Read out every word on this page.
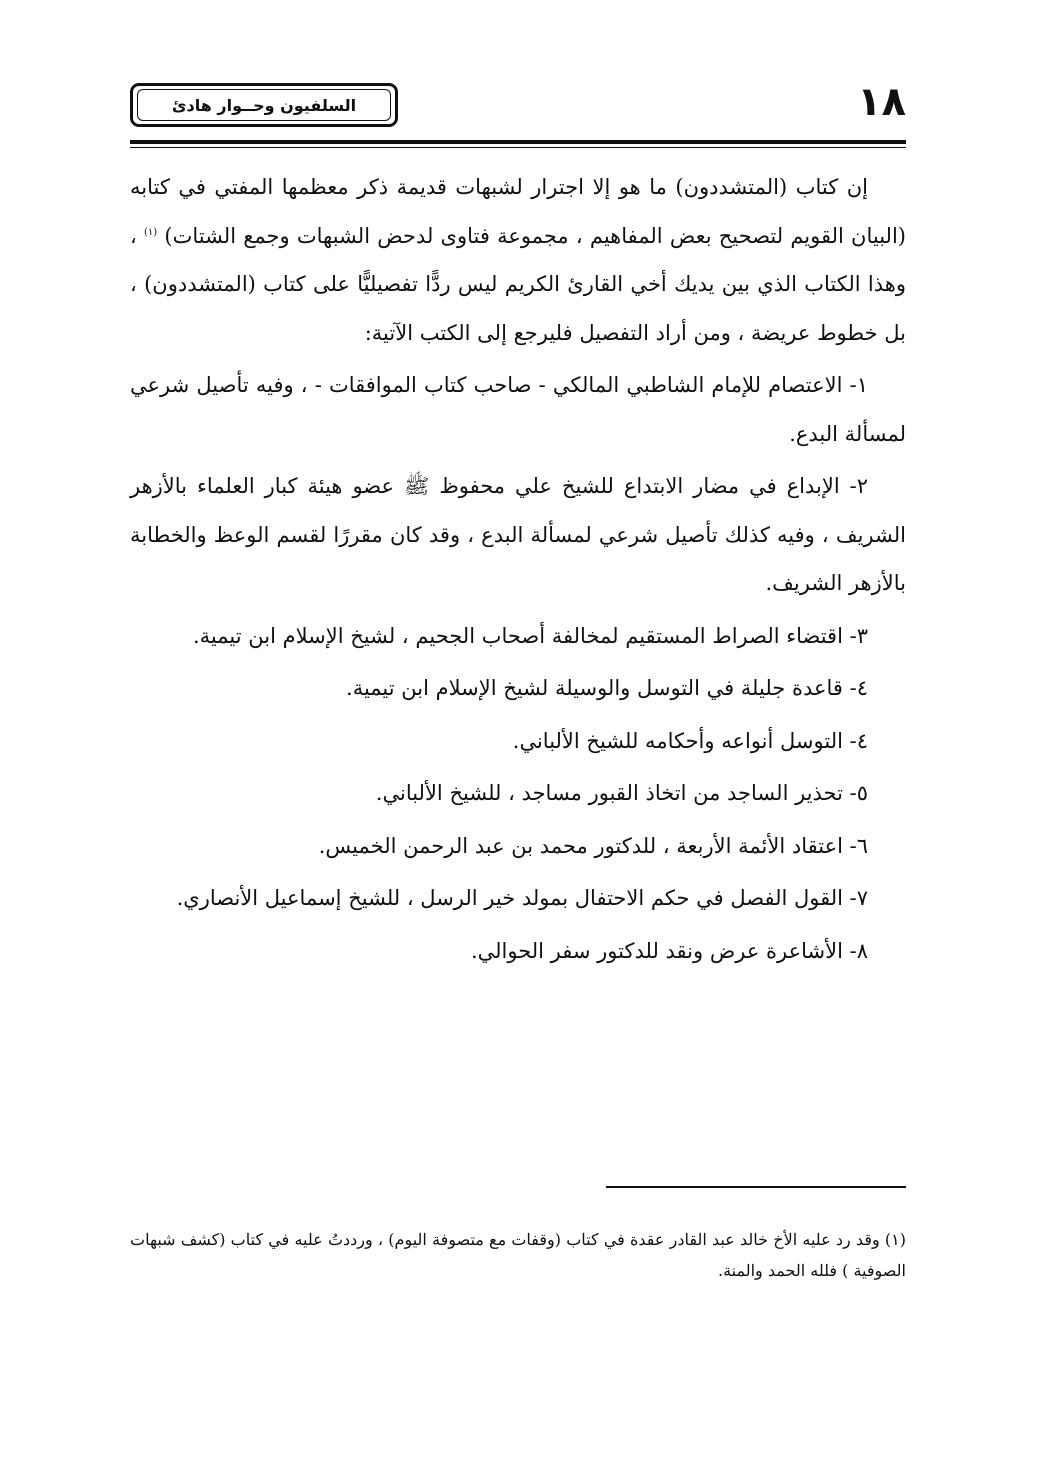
السلفيون وحــوار هادئ	١٨

إن كتاب (المتشددون) ما هو إلا اجترار لشبهات قديمة ذكر معظمها المفتي في كتابه (البيان القويم لتصحيح بعض المفاهيم ، مجموعة فتاوى لدحض الشبهات وجمع الشتات) $^{(١)}$ ، وهذا الكتاب الذي بين يديك أخي القارئ الكريم ليس ردًّا تفصيليًّا على كتاب (المتشددون) ، بل خطوط عريضة ، ومن أراد التفصيل فليرجع إلى الكتب الآتية:

١- الاعتصام للإمام الشاطبي المالكي - صاحب كتاب الموافقات - ، وفيه تأصيل شرعي لمسألة البدع.

٢- الإبداع في مضار الابتداع للشيخ علي محفوظ ﷺ عضو هيئة كبار العلماء بالأزهر الشريف ، وفيه كذلك تأصيل شرعي لمسألة البدع ، وقد كان مقررًا لقسم الوعظ والخطابة بالأزهر الشريف.

٣- اقتضاء الصراط المستقيم لمخالفة أصحاب الجحيم ، لشيخ الإسلام ابن تيمية.

٤- قاعدة جليلة في التوسل والوسيلة لشيخ الإسلام ابن تيمية.

٤- التوسل أنواعه وأحكامه للشيخ الألباني.

٥- تحذير الساجد من اتخاذ القبور مساجد ، للشيخ الألباني.

٦- اعتقاد الأئمة الأربعة ، للدكتور محمد بن عبد الرحمن الخميس.

٧- القول الفصل في حكم الاحتفال بمولد خير الرسل ، للشيخ إسماعيل الأنصاري.

٨- الأشاعرة عرض ونقد للدكتور سفر الحوالي.

(١) وقد رد عليه الأخ خالد عبد القادر عقدة في كتاب (وقفات مع متصوفة اليوم) ، ورددتُ عليه في كتاب (كشف شبهات الصوفية ) فلله الحمد والمنة.
